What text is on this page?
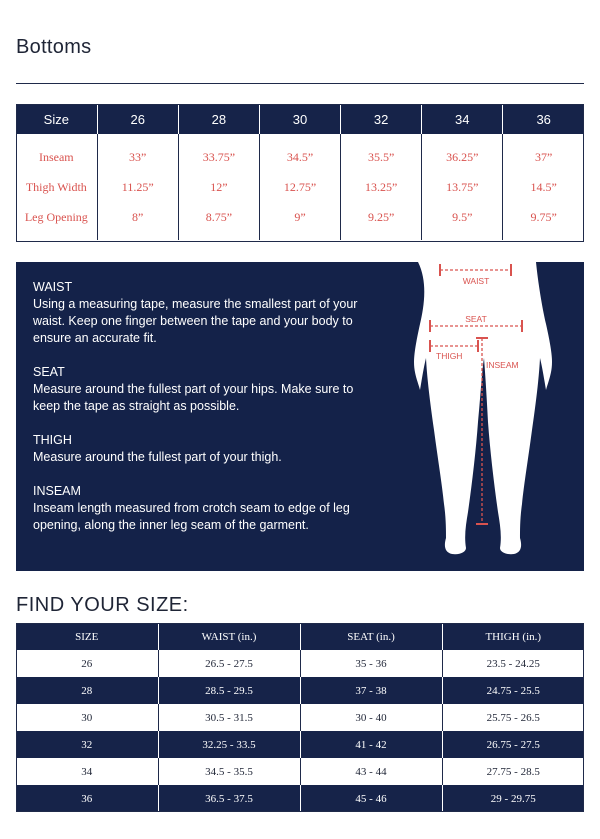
Bottoms
Size	26	28	30	32	34	36
Inseam	33”	33.75”	34.5”	35.5”	36.25”	37”
Thigh Width	11.25”	12”	12.75”	13.25”	13.75”	14.5”
Leg Opening	8”	8.75”	9”	9.25”	9.5”	9.75”
WAIST
Using a measuring tape, measure the smallest part of your waist. Keep one finger between the tape and your body to ensure an accurate fit.
SEAT
Measure around the fullest part of your hips. Make sure to keep the tape as straight as possible.
THIGH
Measure around the fullest part of your thigh.
INSEAM
Inseam length measured from crotch seam to edge of leg opening, along the inner leg seam of the garment.
WAIST
SEAT
THIGH
INSEAM
FIND YOUR SIZE:
SIZE	WAIST (in.)	SEAT (in.)	THIGH (in.)
26	26.5 - 27.5	35 - 36	23.5 - 24.25
28	28.5 - 29.5	37 - 38	24.75 - 25.5
30	30.5 - 31.5	30 - 40	25.75 - 26.5
32	32.25 - 33.5	41 - 42	26.75 - 27.5
34	34.5 - 35.5	43 - 44	27.75 - 28.5
36	36.5 - 37.5	45 - 46	29 - 29.75
